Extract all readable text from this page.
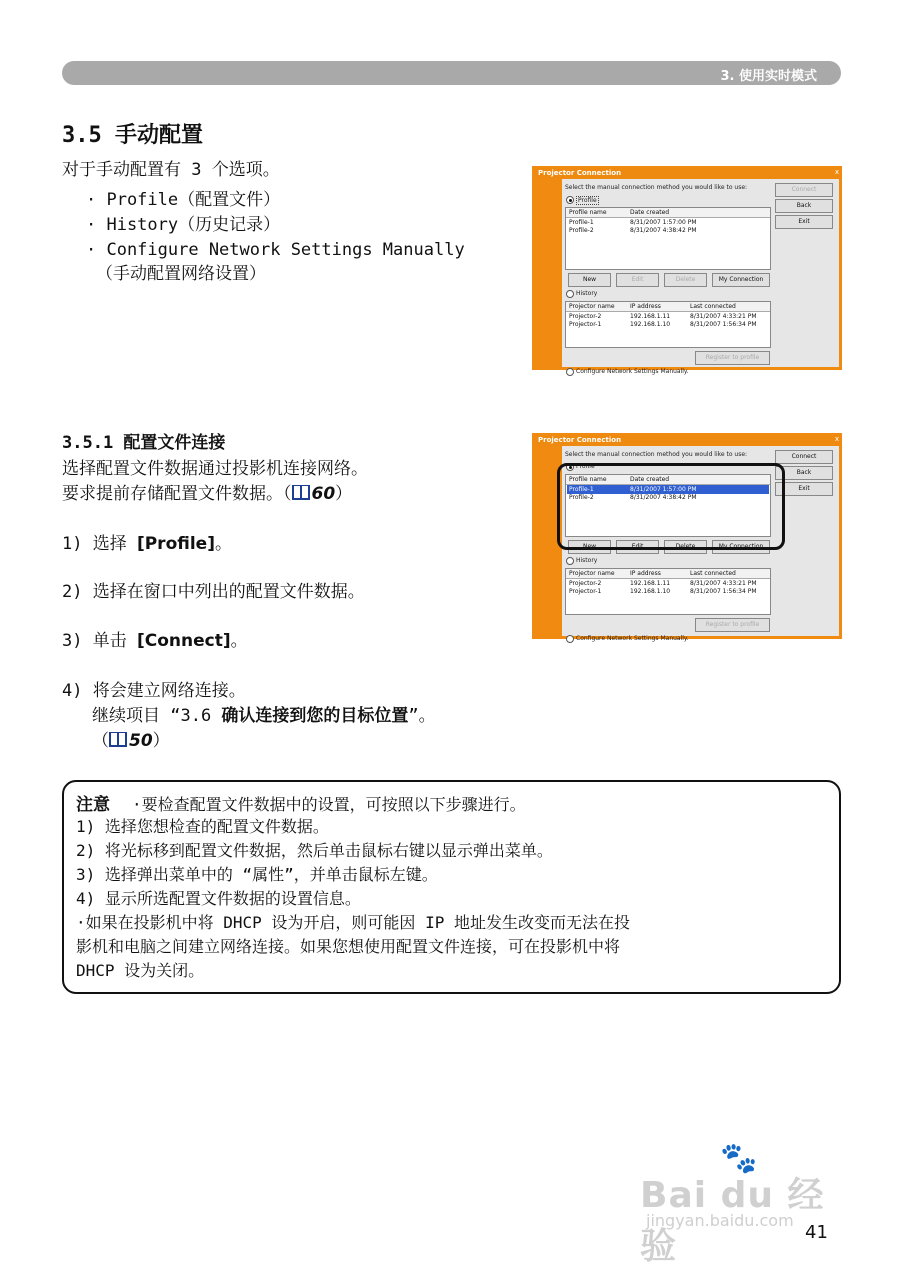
3. 使用实时模式
3.5 手动配置
对于手动配置有 3 个选项。
· Profile（配置文件）
· History（历史记录）
· Configure Network Settings Manually
（手动配置网络设置）
Projector Connection	x
Select the manual connection method you would like to use:
Profile
Profile name	Date created
Profile-1	8/31/2007 1:57:00 PM
Profile-2	8/31/2007 4:38:42 PM
New	Edit	Delete	My Connection
History
Projector name	IP address	Last connected
Projector-2	192.168.1.11	8/31/2007 4:33:21 PM
Projector-1	192.168.1.10	8/31/2007 1:56:34 PM
Register to profile
Configure Network Settings Manually.
Connect
Back
Exit
3.5.1 配置文件连接
选择配置文件数据通过投影机连接网络。
要求提前存储配置文件数据。（ 60）
1) 选择 [Profile]。
2) 选择在窗口中列出的配置文件数据。
3) 单击 [Connect]。
4) 将会建立网络连接。
继续项目 “3.6 确认连接到您的目标位置”。
（ 50）
Projector Connection	x
Select the manual connection method you would like to use:
Profile
Profile name	Date created
Profile-1	8/31/2007 1:57:00 PM
Profile-2	8/31/2007 4:38:42 PM
New	Edit	Delete	My Connection
History
Projector name	IP address	Last connected
Projector-2	192.168.1.11	8/31/2007 4:33:21 PM
Projector-1	192.168.1.10	8/31/2007 1:56:34 PM
Register to profile
Configure Network Settings Manually.
Connect
Back
Exit
注意 ·要检查配置文件数据中的设置，可按照以下步骤进行。
1) 选择您想检查的配置文件数据。
2) 将光标移到配置文件数据，然后单击鼠标右键以显示弹出菜单。
3) 选择弹出菜单中的 “属性”，并单击鼠标左键。
4) 显示所选配置文件数据的设置信息。
·如果在投影机中将 DHCP 设为开启，则可能因 IP 地址发生改变而无法在投
影机和电脑之间建立网络连接。如果您想使用配置文件连接，可在投影机中将
DHCP 设为关闭。
🐾
Bai du 经验
jingyan.baidu.com
41
